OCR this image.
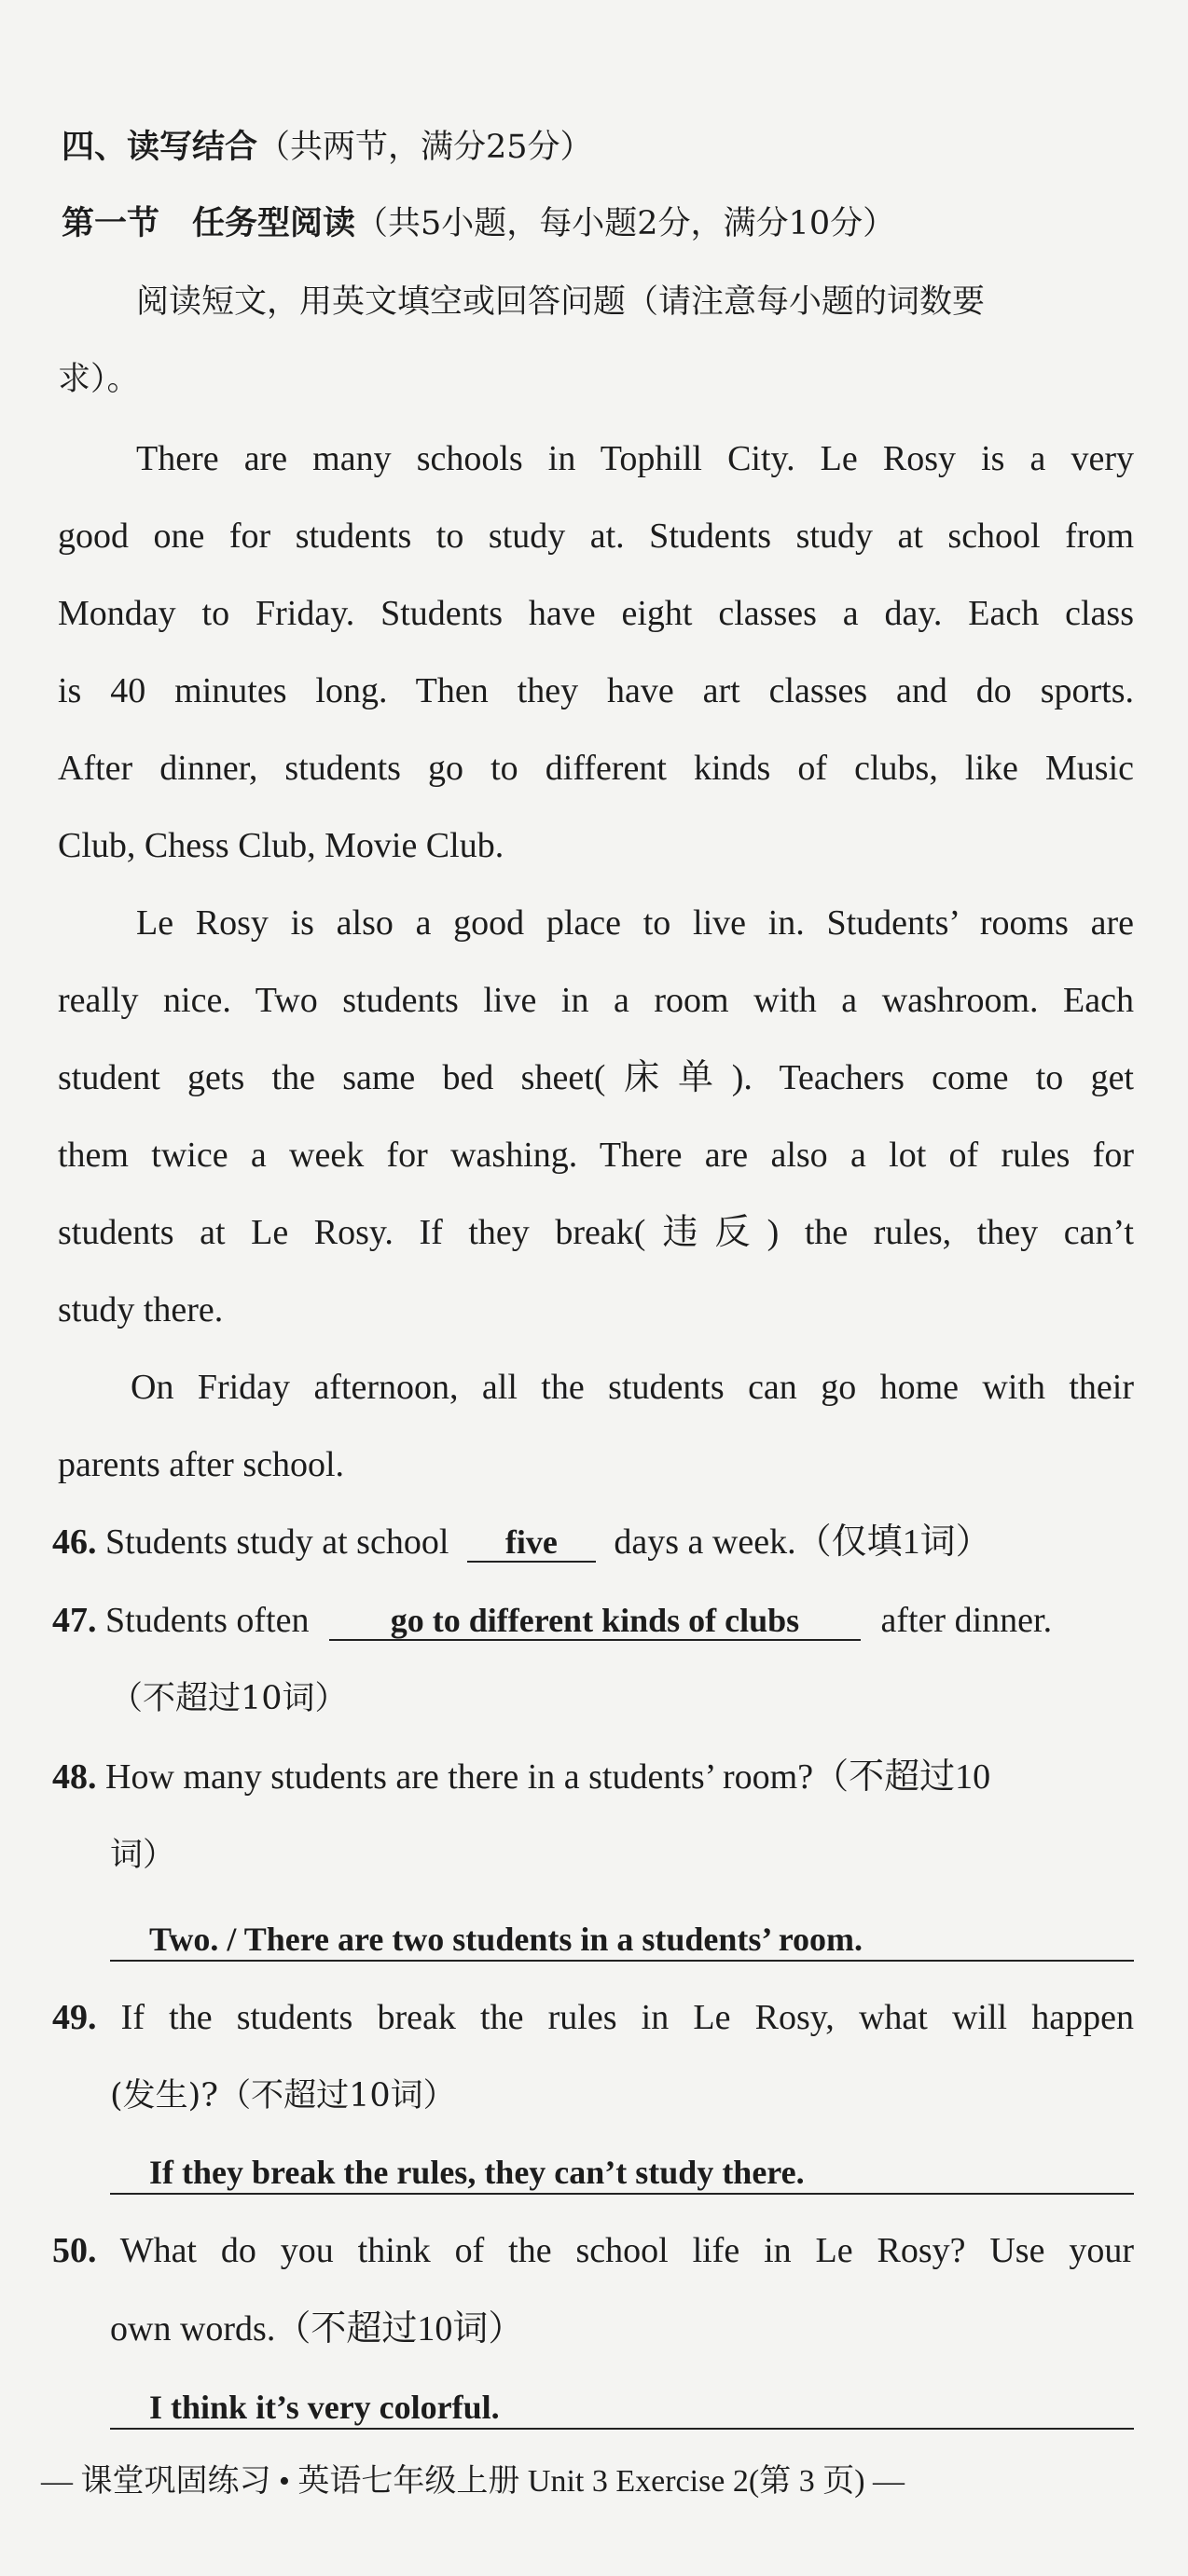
四、读写结合（共两节，满分25分）
第一节　任务型阅读（共5小题，每小题2分，满分10分）
阅读短文，用英文填空或回答问题（请注意每小题的词数要
求）。
There are many schools in Tophill City. Le Rosy is a very
good one for students to study at. Students study at school from
Monday to Friday. Students have eight classes a day. Each class
is 40 minutes long. Then they have art classes and do sports.
After dinner, students go to different kinds of clubs, like Music
Club, Chess Club, Movie Club.
Le Rosy is also a good place to live in. Students’ rooms are
really nice. Two students live in a room with a washroom. Each
student gets the same bed sheet(床单). Teachers come to get
them twice a week for washing. There are also a lot of rules for
students at Le Rosy. If they break(违反) the rules, they can’t
study there.
On Friday afternoon, all the students can go home with their
parents after school.
46. Students study at school five days a week.（仅填1词）
47. Students often go to different kinds of clubs after dinner.
（不超过10词）
48. How many students are there in a students’ room?（不超过10
词）
Two. / There are two students in a students’ room.
49. If the students break the rules in Le Rosy, what will happen
(发生)?（不超过10词）
If they break the rules, they can’t study there.
50. What do you think of the school life in Le Rosy? Use your
own words.（不超过10词）
I think it’s very colorful.
— 课堂巩固练习 • 英语七年级上册 Unit 3 Exercise 2(第 3 页) —
